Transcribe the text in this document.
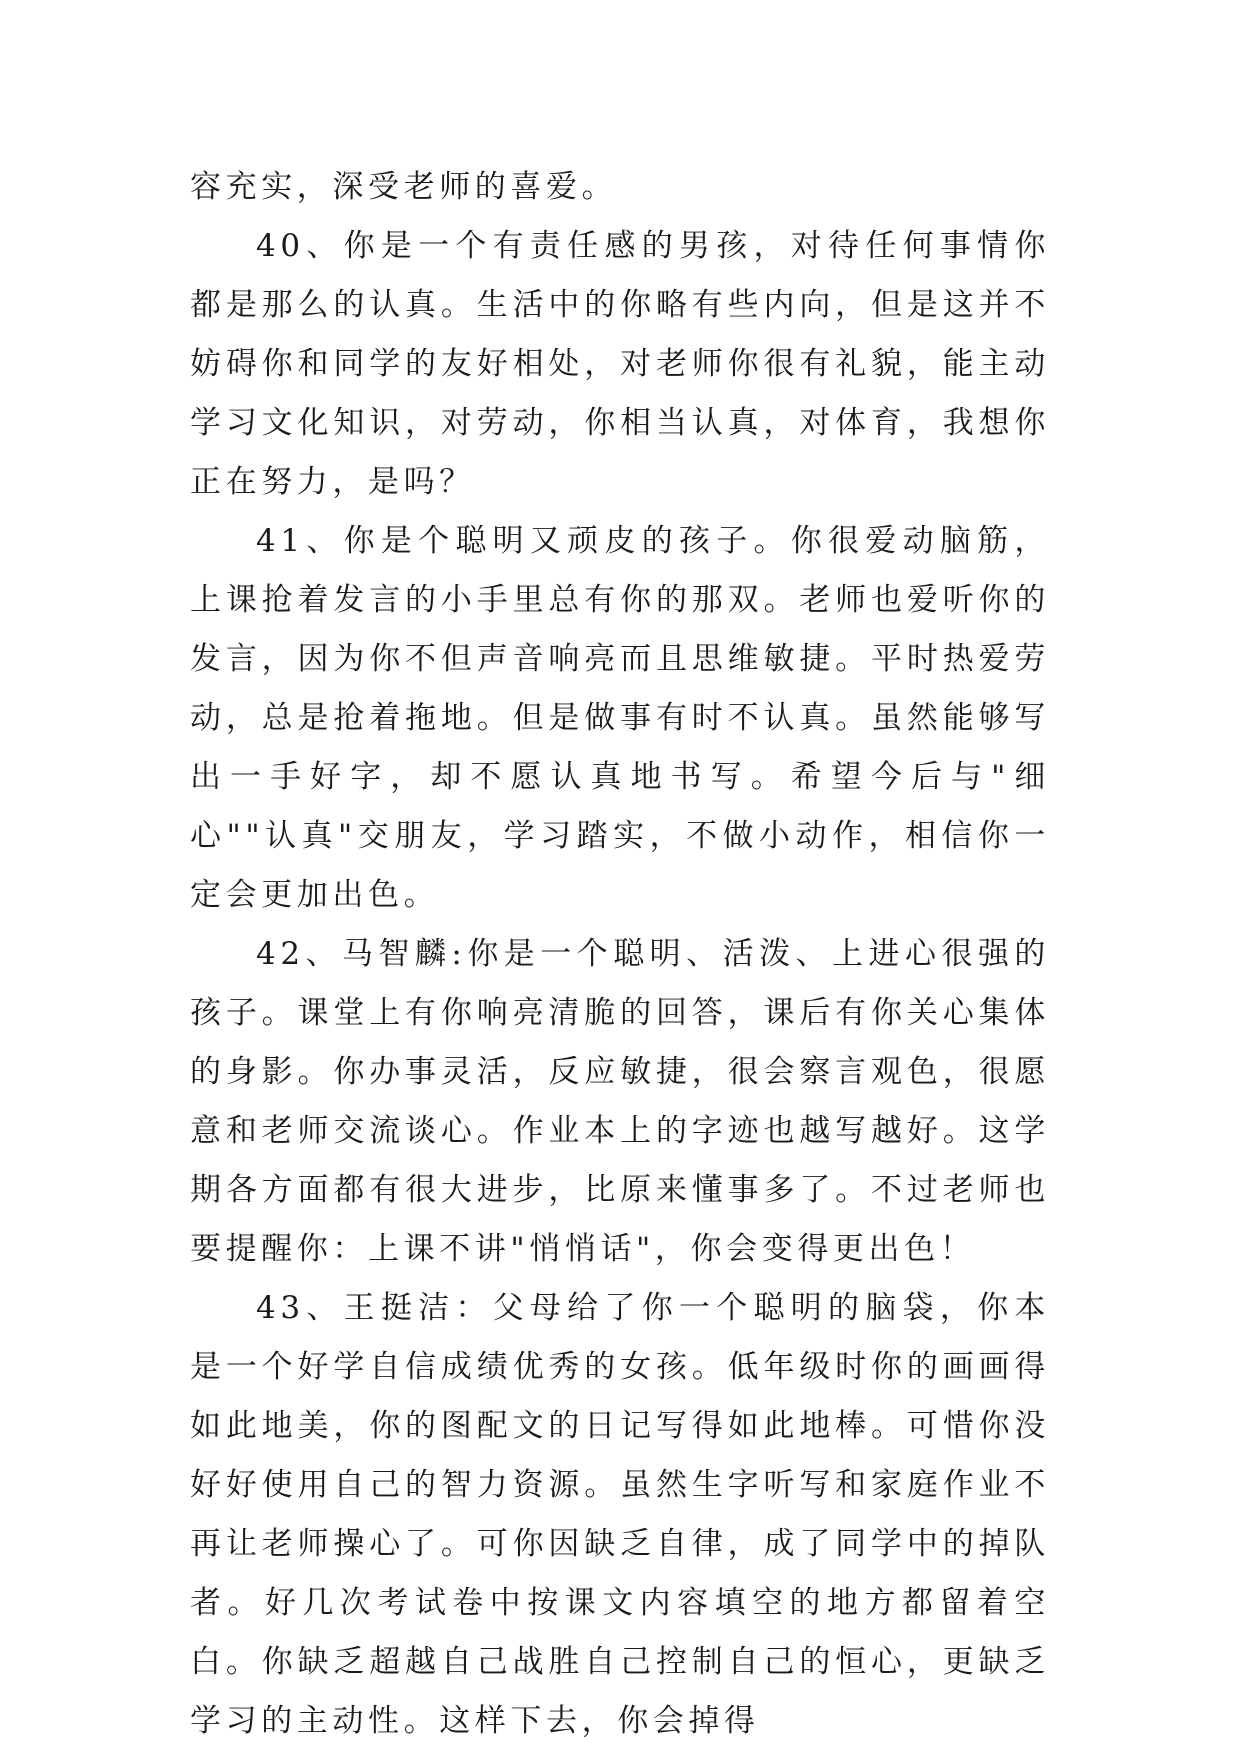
容充实，深受老师的喜爱。

40、你是一个有责任感的男孩，对待任何事情你都是那么的认真。生活中的你略有些内向，但是这并不妨碍你和同学的友好相处，对老师你很有礼貌，能主动学习文化知识，对劳动，你相当认真，对体育，我想你正在努力，是吗？

41、你是个聪明又顽皮的孩子。你很爱动脑筋，上课抢着发言的小手里总有你的那双。老师也爱听你的发言，因为你不但声音响亮而且思维敏捷。平时热爱劳动，总是抢着拖地。但是做事有时不认真。虽然能够写出一手好字，却不愿认真地书写。希望今后与"细心""认真"交朋友，学习踏实，不做小动作，相信你一定会更加出色。

42、马智麟:你是一个聪明、活泼、上进心很强的孩子。课堂上有你响亮清脆的回答，课后有你关心集体的身影。你办事灵活，反应敏捷，很会察言观色，很愿意和老师交流谈心。作业本上的字迹也越写越好。这学期各方面都有很大进步，比原来懂事多了。不过老师也要提醒你：上课不讲"悄悄话"，你会变得更出色！

43、王挺洁：父母给了你一个聪明的脑袋，你本是一个好学自信成绩优秀的女孩。低年级时你的画画得如此地美，你的图配文的日记写得如此地棒。可惜你没好好使用自己的智力资源。虽然生字听写和家庭作业不再让老师操心了。可你因缺乏自律，成了同学中的掉队者。好几次考试卷中按课文内容填空的地方都留着空白。你缺乏超越自己战胜自己控制自己的恒心，更缺乏学习的主动性。这样下去，你会掉得
